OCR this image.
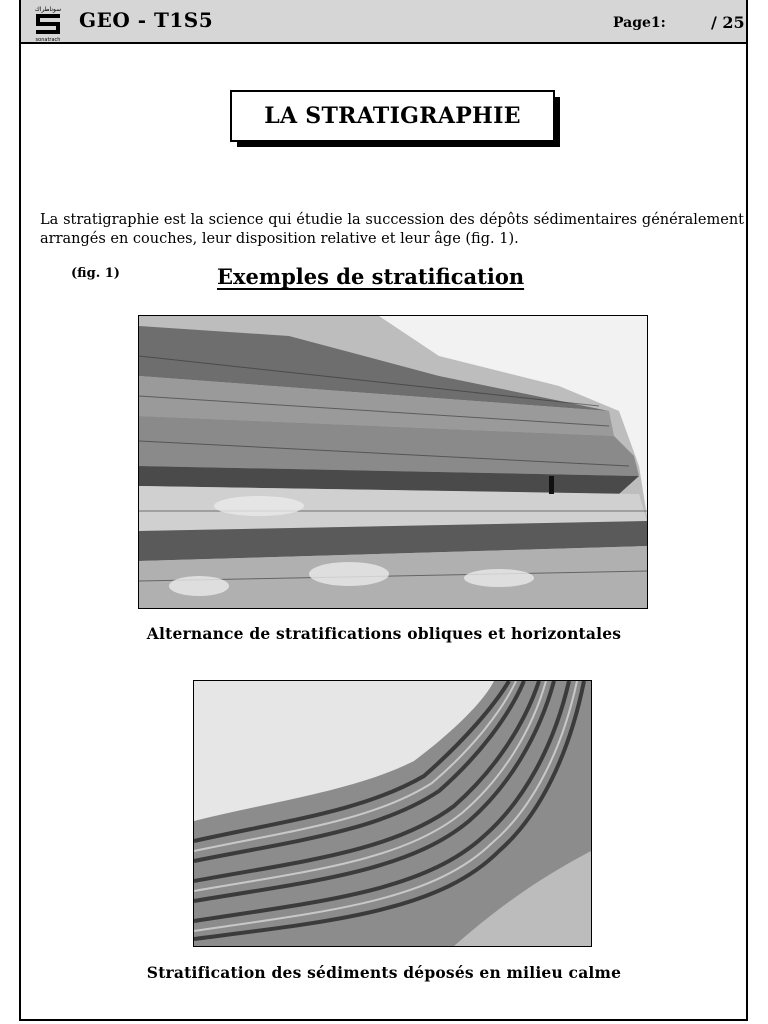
سوناطراك
sonatrach
GEO - T1S5	Page1:	/ 25
LA STRATIGRAPHIE

La stratigraphie est la science qui étudie la succession des dépôts sédimentaires généralement arrangés en couches, leur disposition relative et leur âge (fig. 1).

(fig. 1)	Exemples de stratification
Alternance de stratifications obliques et horizontales
Stratification des sédiments déposés en milieu calme
